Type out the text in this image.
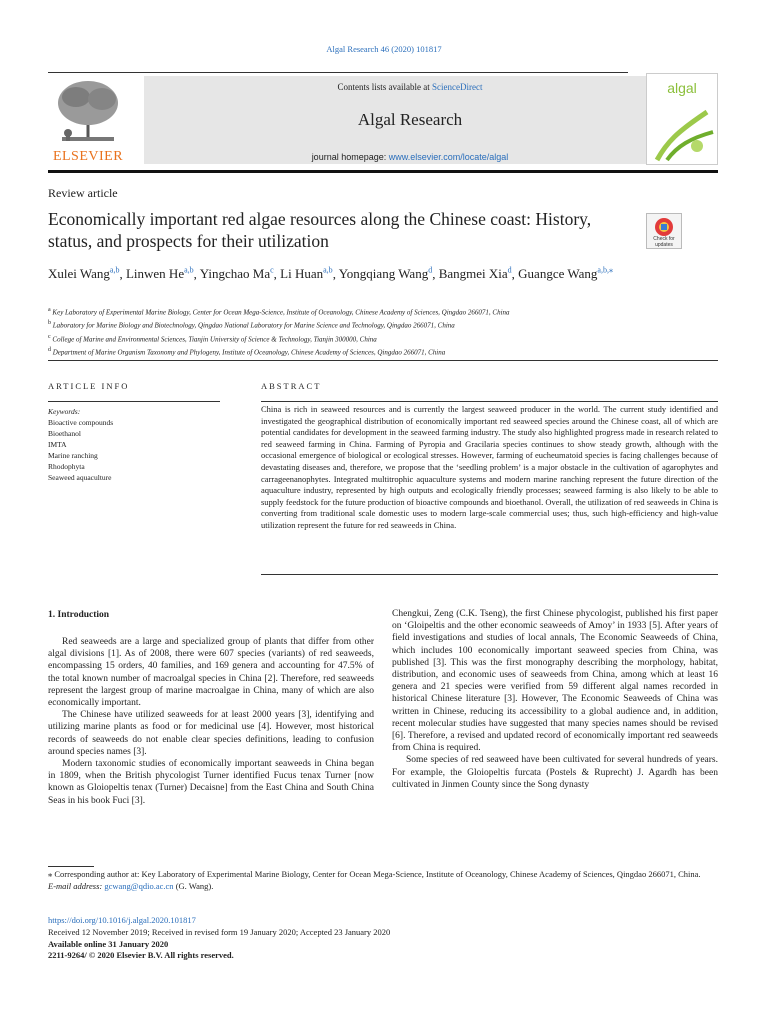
Algal Research 46 (2020) 101817
ELSEVIER
Contents lists available at ScienceDirect
Algal Research
journal homepage: www.elsevier.com/locate/algal
algal
Review article
Economically important red algae resources along the Chinese coast: History, status, and prospects for their utilization	Check for updates
Xulei Wang$^{a,b}$, Linwen He$^{a,b}$, Yingchao Ma$^c$, Li Huan$^{a,b}$, Yongqiang Wang$^d$, Bangmei Xia$^d$, Guangce Wang$^{a,b,⁎}$
$^a$ Key Laboratory of Experimental Marine Biology, Center for Ocean Mega-Science, Institute of Oceanology, Chinese Academy of Sciences, Qingdao 266071, China
$^b$ Laboratory for Marine Biology and Biotechnology, Qingdao National Laboratory for Marine Science and Technology, Qingdao 266071, China
$^c$ College of Marine and Environmental Sciences, Tianjin University of Science & Technology, Tianjin 300000, China
$^d$ Department of Marine Organism Taxonomy and Phylogeny, Institute of Oceanology, Chinese Academy of Sciences, Qingdao 266071, China
ARTICLE INFO	ABSTRACT
Keywords:
Bioactive compounds
Bioethanol
IMTA
Marine ranching
Rhodophyta
Seaweed aquaculture
China is rich in seaweed resources and is currently the largest seaweed producer in the world. The current study identified and investigated the geographical distribution of economically important red seaweed species around the Chinese coast, all of which are potential candidates for development in the seaweed farming industry. The study also highlighted progress made in research related to red seaweed farming in China. Farming of Pyropia and Gracilaria species continues to show steady growth, although with the occasional emergence of biological or ecological stresses. However, farming of eucheumatoid species is facing challenges because of devastating diseases and, therefore, we propose that the ‘seedling problem’ is a major obstacle in the cultivation of agarophytes and carrageenanophytes. Integrated multitrophic aquaculture systems and modern marine ranching represent the future direction of the aquaculture industry, represented by high outputs and ecologically friendly processes; seaweed farming is also likely to be able to supply feedstock for the future production of bioactive compounds and bioethanol. Overall, the utilization of red seaweeds in China is converting from traditional scale domestic uses to modern large-scale commercial uses; thus, such high-efficiency and high-value utilization represent the future for red seaweeds in China.
1. Introduction

Red seaweeds are a large and specialized group of plants that differ from other algal divisions [1]. As of 2008, there were 607 species (variants) of red seaweeds, encompassing 15 orders, 40 families, and 169 genera and accounting for 47.5% of the total known number of macroalgal species in China [2]. Therefore, red seaweeds represent the largest group of marine macroalgae in China, many of which are also economically important.

The Chinese have utilized seaweeds for at least 2000 years [3], identifying and utilizing marine plants as food or for medicinal use [4]. However, most historical records of seaweeds do not enable clear species definitions, leading to confusion around species names [3].

Modern taxonomic studies of economically important seaweeds in China began in 1809, when the British phycologist Turner identified Fucus tenax Turner [now known as Gloiopeltis tenax (Turner) Decaisne] from the East China and South China Seas in his book Fuci [3].

Chengkui, Zeng (C.K. Tseng), the first Chinese phycologist, published his first paper on ‘Gloipeltis and the other economic seaweeds of Amoy’ in 1933 [5]. After years of field investigations and studies of local annals, The Economic Seaweeds of China, which includes 100 economically important seaweed species from China, was published [3]. This was the first monography describing the morphology, habitat, distribution, and economic uses of seaweeds from China, among which at least 16 genera and 21 species were verified from 59 different algal names recorded in historical Chinese literature [3]. However, The Economic Seaweeds of China was written in Chinese, reducing its accessibility to a global audience and, in addition, recent molecular studies have suggested that many species names should be revised [6]. Therefore, a revised and updated record of economically important red seaweeds from China is required.

Some species of red seaweed have been cultivated for several hundreds of years. For example, the Gloiopeltis furcata (Postels & Ruprecht) J. Agardh has been cultivated in Jinmen County since the Song dynasty

⁎ Corresponding author at: Key Laboratory of Experimental Marine Biology, Center for Ocean Mega-Science, Institute of Oceanology, Chinese Academy of Sciences, Qingdao 266071, China.
E-mail address: gcwang@qdio.ac.cn (G. Wang).
https://doi.org/10.1016/j.algal.2020.101817
Received 12 November 2019; Received in revised form 19 January 2020; Accepted 23 January 2020
Available online 31 January 2020
2211-9264/ © 2020 Elsevier B.V. All rights reserved.
